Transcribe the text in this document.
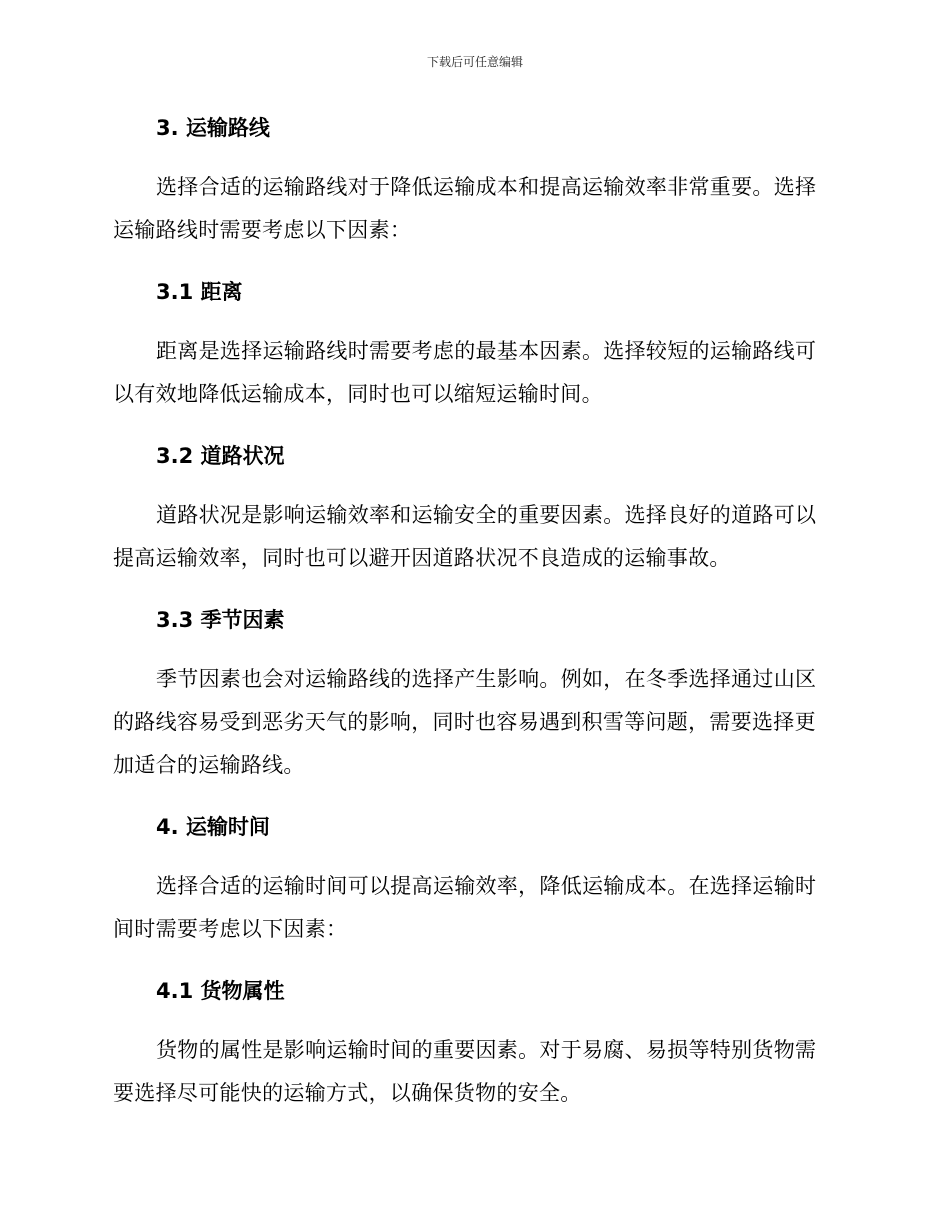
下载后可任意编辑
3. 运输路线

选择合适的运输路线对于降低运输成本和提高运输效率非常重要。选择运输路线时需要考虑以下因素：

3.1 距离

距离是选择运输路线时需要考虑的最基本因素。选择较短的运输路线可以有效地降低运输成本，同时也可以缩短运输时间。

3.2 道路状况

道路状况是影响运输效率和运输安全的重要因素。选择良好的道路可以提高运输效率，同时也可以避开因道路状况不良造成的运输事故。

3.3 季节因素

季节因素也会对运输路线的选择产生影响。例如，在冬季选择通过山区的路线容易受到恶劣天气的影响，同时也容易遇到积雪等问题，需要选择更加适合的运输路线。

4. 运输时间

选择合适的运输时间可以提高运输效率，降低运输成本。在选择运输时间时需要考虑以下因素：

4.1 货物属性

货物的属性是影响运输时间的重要因素。对于易腐、易损等特别货物需要选择尽可能快的运输方式，以确保货物的安全。
